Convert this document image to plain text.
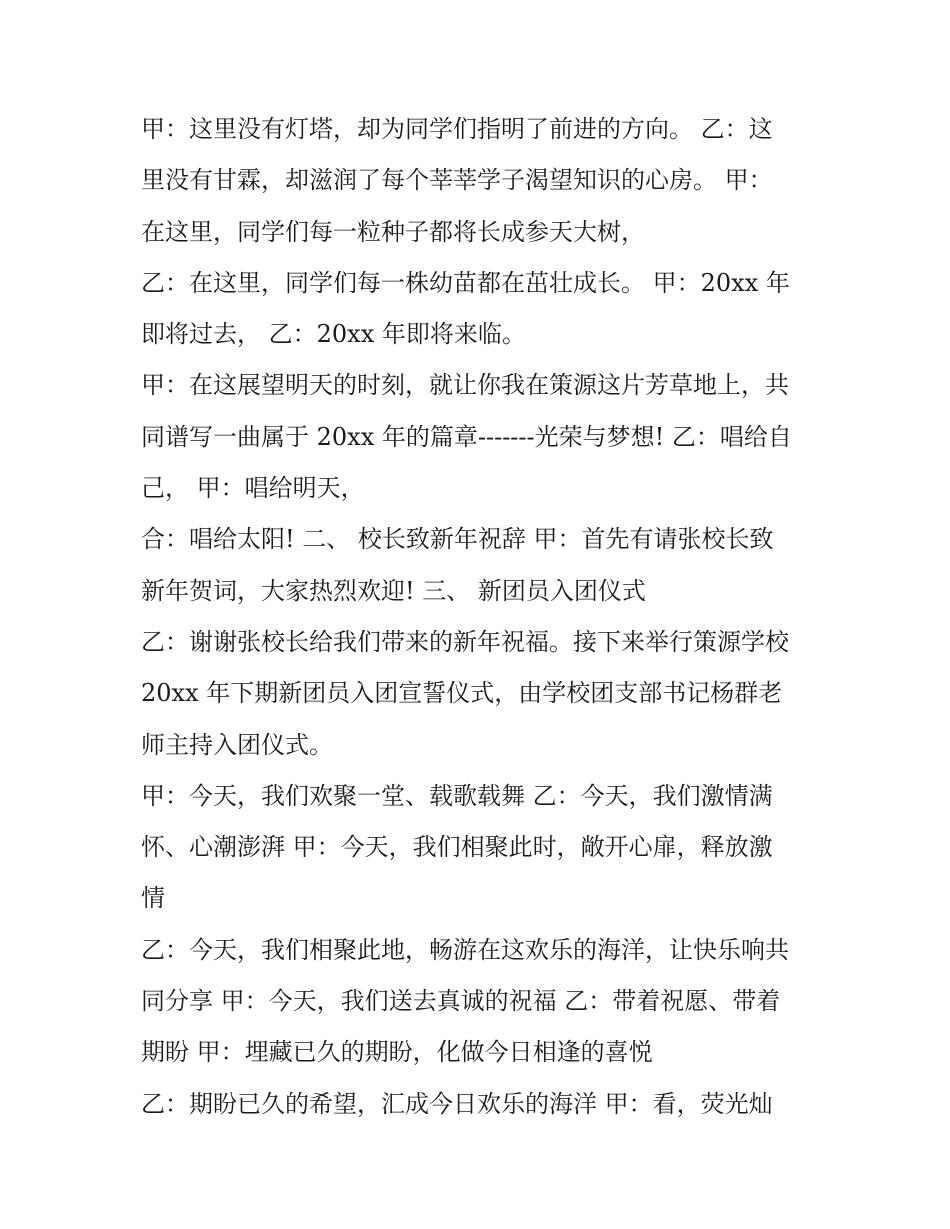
甲：这里没有灯塔，却为同学们指明了前进的方向。 乙：这
里没有甘霖，却滋润了每个莘莘学子渴望知识的心房。 甲：
在这里，同学们每一粒种子都将长成参天大树，
乙：在这里，同学们每一株幼苗都在茁壮成长。 甲：20xx 年
即将过去， 乙：20xx 年即将来临。
甲：在这展望明天的时刻，就让你我在策源这片芳草地上，共
同谱写一曲属于 20xx 年的篇章-------光荣与梦想! 乙：唱给自
己， 甲：唱给明天，
合：唱给太阳! 二、 校长致新年祝辞 甲：首先有请张校长致
新年贺词，大家热烈欢迎! 三、 新团员入团仪式
乙：谢谢张校长给我们带来的新年祝福。接下来举行策源学校
20xx 年下期新团员入团宣誓仪式，由学校团支部书记杨群老
师主持入团仪式。
甲：今天，我们欢聚一堂、载歌载舞 乙：今天，我们激情满
怀、心潮澎湃 甲：今天，我们相聚此时，敞开心扉，释放激
情
乙：今天，我们相聚此地，畅游在这欢乐的海洋，让快乐响共
同分享 甲：今天，我们送去真诚的祝福 乙：带着祝愿、带着
期盼 甲：埋藏已久的期盼，化做今日相逢的喜悦
乙：期盼已久的希望，汇成今日欢乐的海洋 甲：看，荧光灿
